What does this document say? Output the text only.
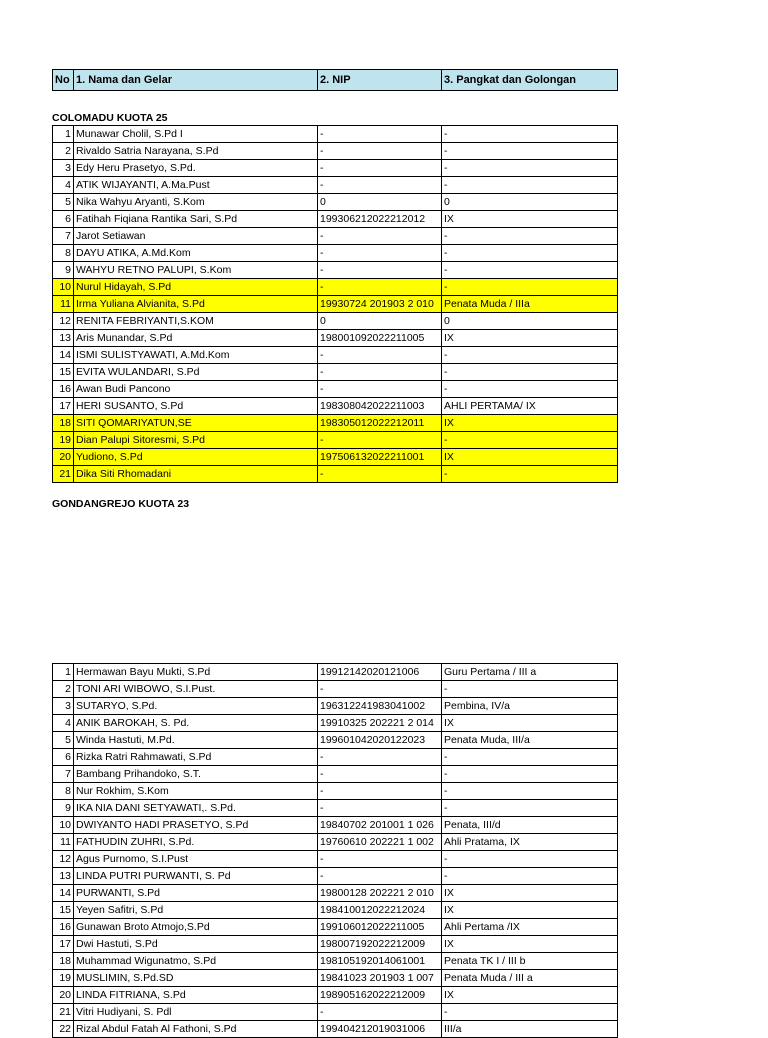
No	1. Nama dan Gelar	2. NIP	3. Pangkat dan Golongan
COLOMADU KUOTA 25
1	Munawar Cholil, S.Pd I	-	-
2	Rivaldo Satria Narayana, S.Pd	-	-
3	Edy Heru Prasetyo, S.Pd.	-	-
4	ATIK WIJAYANTI, A.Ma.Pust	-	-
5	Nika Wahyu Aryanti, S.Kom	0	0
6	Fatihah Fiqiana Rantika Sari, S.Pd	199306212022212012	IX
7	Jarot Setiawan	-	-
8	DAYU ATIKA, A.Md.Kom	-	-
9	WAHYU RETNO PALUPI, S.Kom	-	-
10	Nurul Hidayah, S.Pd	-	-
11	Irma Yuliana Alvianita, S.Pd	19930724 201903 2 010	Penata Muda / IIIa
12	RENITA FEBRIYANTI,S.KOM	0	0
13	Aris Munandar, S.Pd	198001092022211005	IX
14	ISMI SULISTYAWATI, A.Md.Kom	-	-
15	EVITA WULANDARI, S.Pd	-	-
16	Awan Budi Pancono	-	-
17	HERI SUSANTO, S.Pd	198308042022211003	AHLI PERTAMA/ IX
18	SITI QOMARIYATUN,SE	198305012022212011	IX
19	Dian Palupi Sitoresmi, S.Pd	-	-
20	Yudiono, S.Pd	197506132022211001	IX
21	Dika Siti Rhomadani	-	-
GONDANGREJO KUOTA 23
1	Hermawan Bayu Mukti, S.Pd	19912142020121006	Guru Pertama / III a
2	TONI ARI WIBOWO, S.I.Pust.	-	-
3	SUTARYO, S.Pd.	196312241983041002	Pembina, IV/a
4	ANIK BAROKAH, S. Pd.	19910325 202221 2 014	IX
5	Winda Hastuti, M.Pd.	199601042020122023	Penata Muda, III/a
6	Rizka Ratri Rahmawati, S.Pd	-	-
7	Bambang Prihandoko, S.T.	-	-
8	Nur Rokhim, S.Kom	-	-
9	IKA NIA DANI SETYAWATI,. S.Pd.	-	-
10	DWIYANTO HADI PRASETYO, S.Pd	19840702 201001 1 026	Penata, III/d
11	FATHUDIN ZUHRI, S.Pd.	19760610 202221 1 002	Ahli Pratama, IX
12	Agus Purnomo, S.I.Pust	-	-
13	LINDA PUTRI PURWANTI, S. Pd	-	-
14	PURWANTI, S.Pd	19800128 202221 2 010	IX
15	Yeyen Safitri, S.Pd	198410012022212024	IX
16	Gunawan Broto Atmojo,S.Pd	199106012022211005	Ahli Pertama /IX
17	Dwi Hastuti, S.Pd	198007192022212009	IX
18	Muhammad Wigunatmo, S.Pd	198105192014061001	Penata TK I / III b
19	MUSLIMIN, S.Pd.SD	19841023 201903 1 007	Penata Muda / III a
20	LINDA FITRIANA, S.Pd	198905162022212009	IX
21	Vitri Hudiyani, S. Pdl	-	-
22	Rizal Abdul Fatah Al Fathoni, S.Pd	199404212019031006	III/a
